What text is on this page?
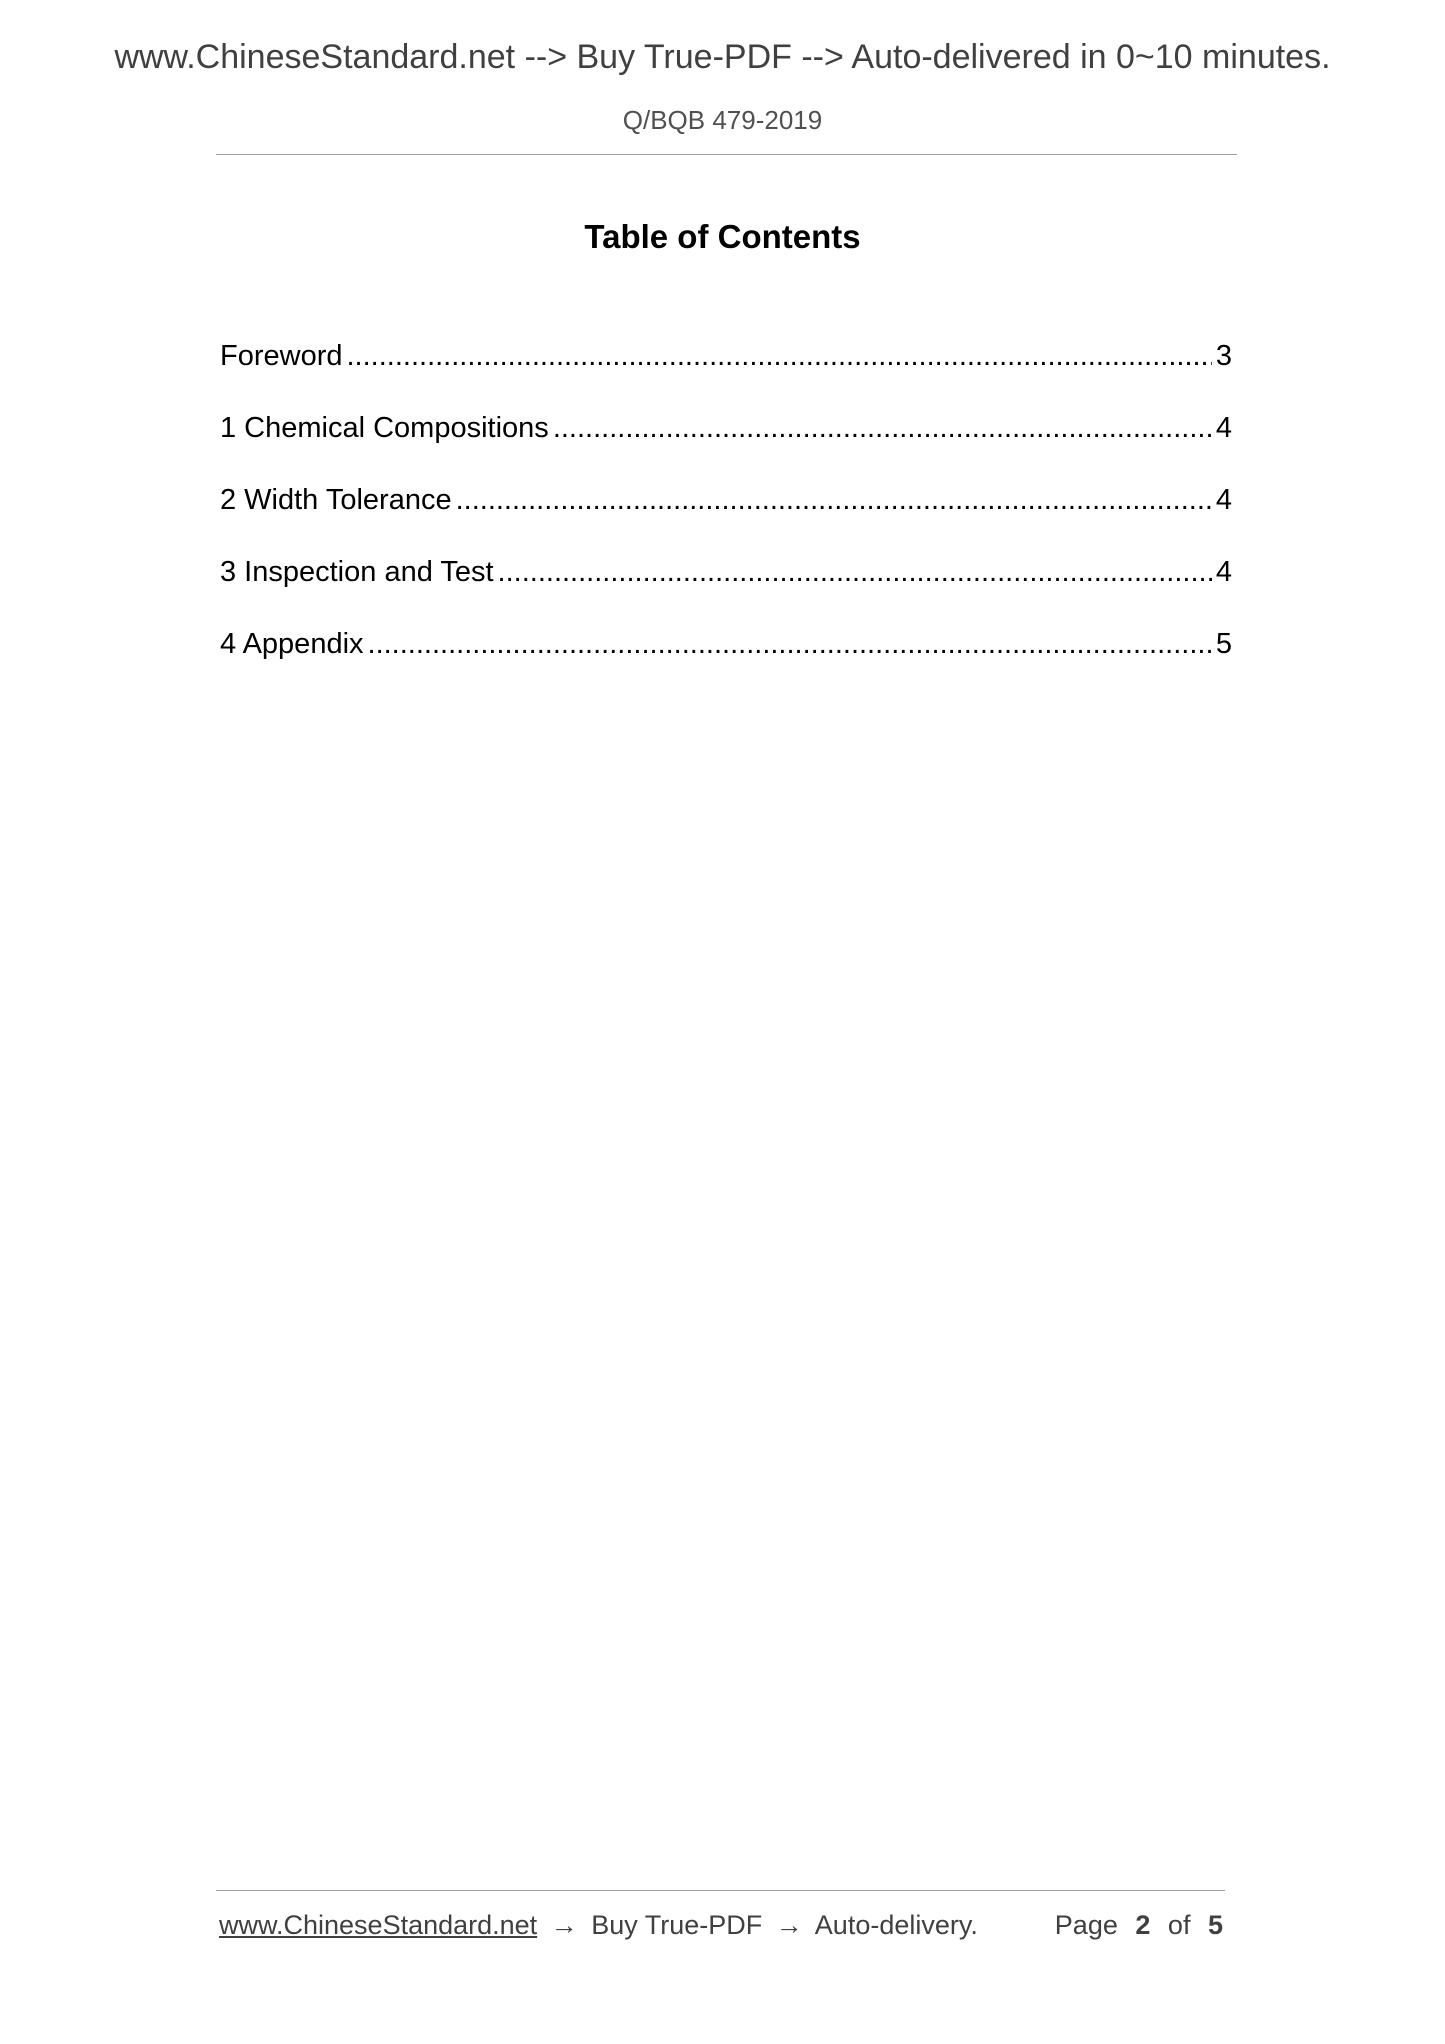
www.ChineseStandard.net --> Buy True-PDF --> Auto-delivered in 0~10 minutes.
Q/BQB 479-2019
Table of Contents
Foreword .....	3
1 Chemical Compositions .....	4
2 Width Tolerance .....	4
3 Inspection and Test .....	4
4 Appendix .....	5
www.ChineseStandard.net → Buy True-PDF → Auto-delivery.	Page 2 of 5
